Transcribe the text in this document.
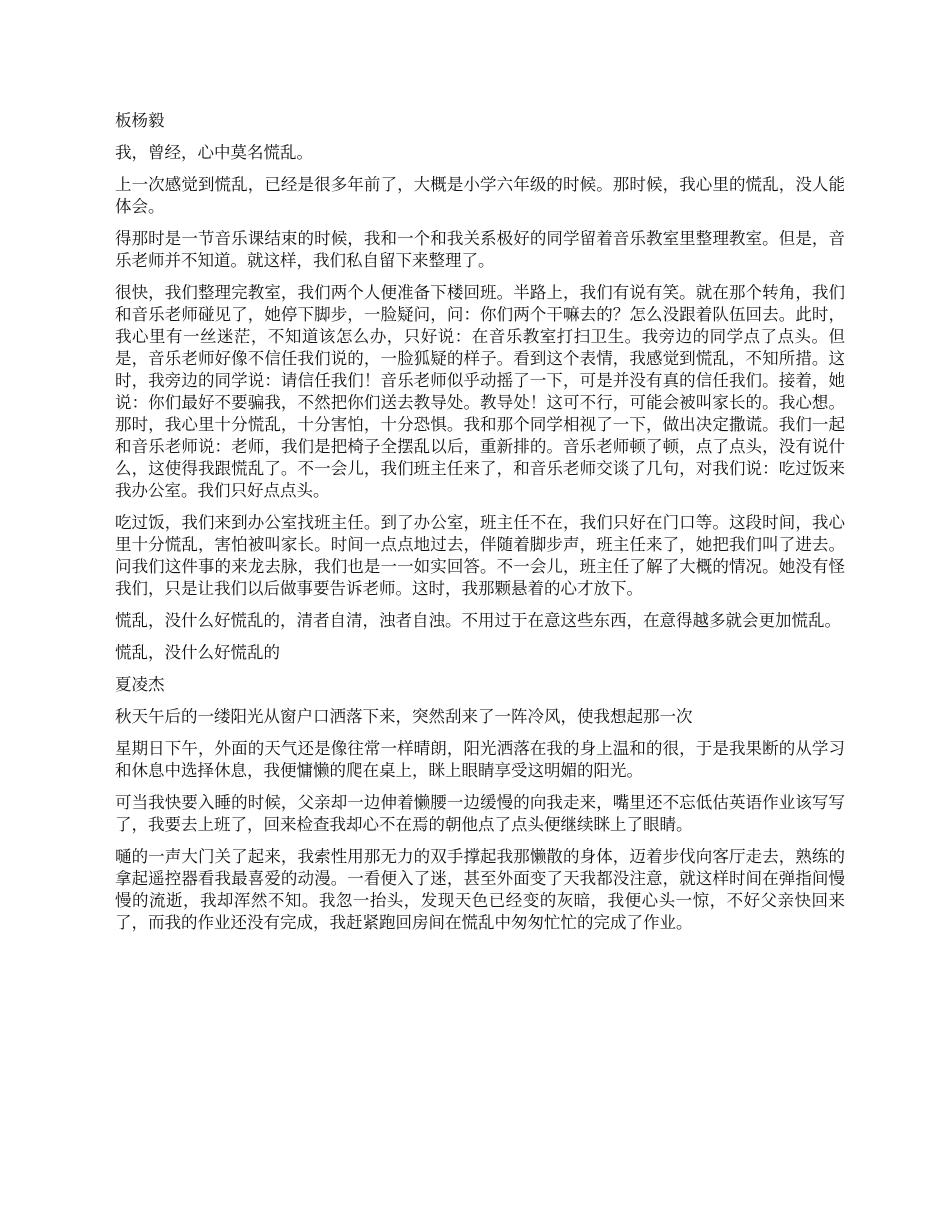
板杨毅

我，曾经，心中莫名慌乱。

上一次感觉到慌乱，已经是很多年前了，大概是小学六年级的时候。那时候，我心里的慌乱，没人能体会。

得那时是一节音乐课结束的时候，我和一个和我关系极好的同学留着音乐教室里整理教室。但是，音乐老师并不知道。就这样，我们私自留下来整理了。

很快，我们整理完教室，我们两个人便准备下楼回班。半路上，我们有说有笑。就在那个转角，我们和音乐老师碰见了，她停下脚步，一脸疑问，问：你们两个干嘛去的？怎么没跟着队伍回去。此时，我心里有一丝迷茫，不知道该怎么办，只好说：在音乐教室打扫卫生。我旁边的同学点了点头。但是，音乐老师好像不信任我们说的，一脸狐疑的样子。看到这个表情，我感觉到慌乱，不知所措。这时，我旁边的同学说：请信任我们！音乐老师似乎动摇了一下，可是并没有真的信任我们。接着，她说：你们最好不要骗我，不然把你们送去教导处。教导处！这可不行，可能会被叫家长的。我心想。那时，我心里十分慌乱，十分害怕，十分恐惧。我和那个同学相视了一下，做出决定撒谎。我们一起和音乐老师说：老师，我们是把椅子全摆乱以后，重新排的。音乐老师顿了顿，点了点头，没有说什么，这使得我跟慌乱了。不一会儿，我们班主任来了，和音乐老师交谈了几句，对我们说：吃过饭来我办公室。我们只好点点头。

吃过饭，我们来到办公室找班主任。到了办公室，班主任不在，我们只好在门口等。这段时间，我心里十分慌乱，害怕被叫家长。时间一点点地过去，伴随着脚步声，班主任来了，她把我们叫了进去。问我们这件事的来龙去脉，我们也是一一如实回答。不一会儿，班主任了解了大概的情况。她没有怪我们，只是让我们以后做事要告诉老师。这时，我那颗悬着的心才放下。

慌乱，没什么好慌乱的，清者自清，浊者自浊。不用过于在意这些东西，在意得越多就会更加慌乱。

慌乱，没什么好慌乱的

夏凌杰

秋天午后的一缕阳光从窗户口洒落下来，突然刮来了一阵冷风，使我想起那一次

星期日下午，外面的天气还是像往常一样晴朗，阳光洒落在我的身上温和的很，于是我果断的从学习和休息中选择休息，我便慵懒的爬在桌上，眯上眼睛享受这明媚的阳光。

可当我快要入睡的时候，父亲却一边伸着懒腰一边缓慢的向我走来，嘴里还不忘低估英语作业该写写了，我要去上班了，回来检查我却心不在焉的朝他点了点头便继续眯上了眼睛。

嗵的一声大门关了起来，我索性用那无力的双手撑起我那懒散的身体，迈着步伐向客厅走去，熟练的拿起遥控器看我最喜爱的动漫。一看便入了迷，甚至外面变了天我都没注意，就这样时间在弹指间慢慢的流逝，我却浑然不知。我忽一抬头，发现天色已经变的灰暗，我便心头一惊，不好父亲快回来了，而我的作业还没有完成，我赶紧跑回房间在慌乱中匆匆忙忙的完成了作业。
